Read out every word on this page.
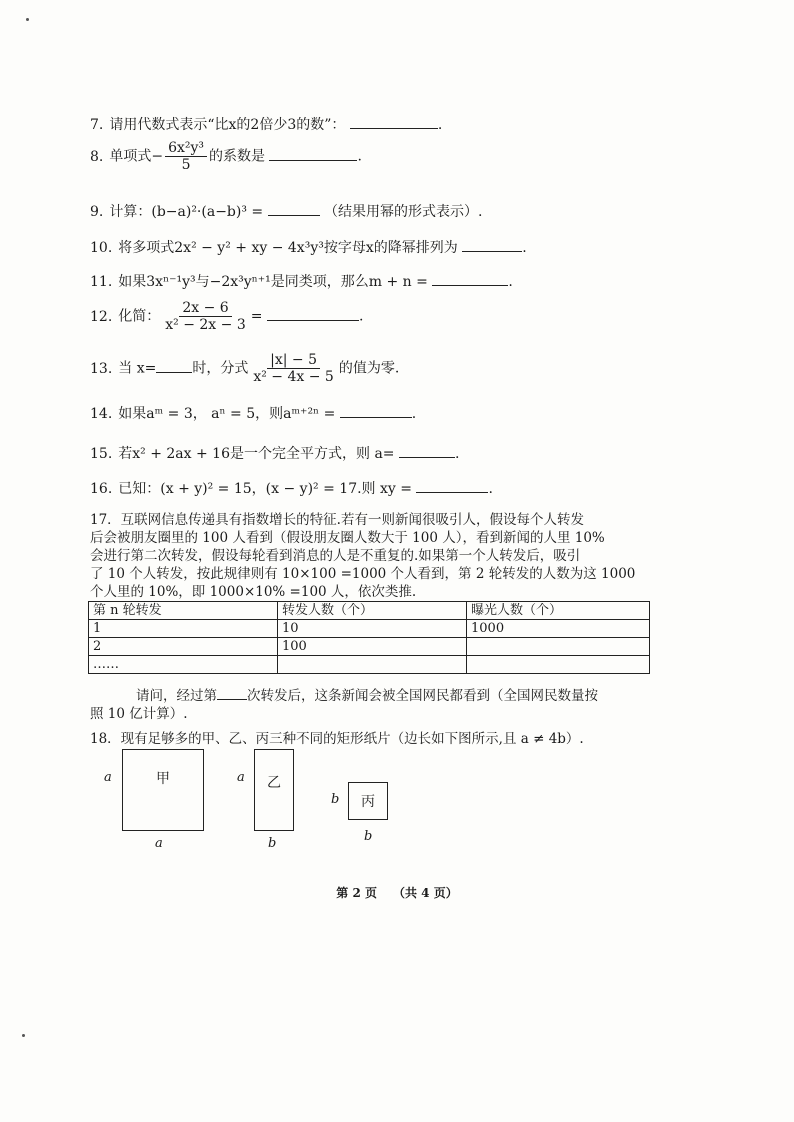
7. 请用代数式表示“比x的2倍少3的数”：	.
8. 单项式− $\frac{\text{6x²y³}}{5}$ 的系数是	.
9. 计算：(b−a)²·(a−b)³ =	（结果用幂的形式表示）.
10. 将多项式2x² − y² + xy − 4x³y³按字母x的降幂排列为	.
11. 如果3xⁿ⁻¹y³与−2x³yⁿ⁺¹是同类项，那么m + n =	.
12. 化简： $\frac{2x - 6}{\text{x² − 2x − 3}}$ =	.
13. 当 x=	时，分式 $\frac{|x| - 5}{\text{x² − 4x − 5}}$ 的值为零.
14. 如果aᵐ = 3， aⁿ = 5，则aᵐ⁺²ⁿ =	.
15. 若x² + 2ax + 16是一个完全平方式，则 a=	.
16. 已知：(x + y)² = 15，(x − y)² = 17.则 xy =	.
17．互联网信息传递具有指数增长的特征.若有一则新闻很吸引人，假设每个人转发
后会被朋友圈里的 100 人看到（假设朋友圈人数大于 100 人），看到新闻的人里 10%
会进行第二次转发，假设每轮看到消息的人是不重复的.如果第一个人转发后，吸引
了 10 个人转发，按此规律则有 10×100 =1000 个人看到，第 2 轮转发的人数为这 1000
个人里的 10%，即 1000×10% =100 人，依次类推.
第 n 轮转发	转发人数（个）	曝光人数（个）
1	10	1000
2	100	
……		
请问，经过第 次转发后，这条新闻会被全国网民都看到（全国网民数量按
照 10 亿计算）.
18．现有足够多的甲、乙、丙三种不同的矩形纸片（边长如下图所示,且 a ≠ 4b）.
甲
a
a
乙
a
b
丙
b
b
第 2 页 （共 4 页）
